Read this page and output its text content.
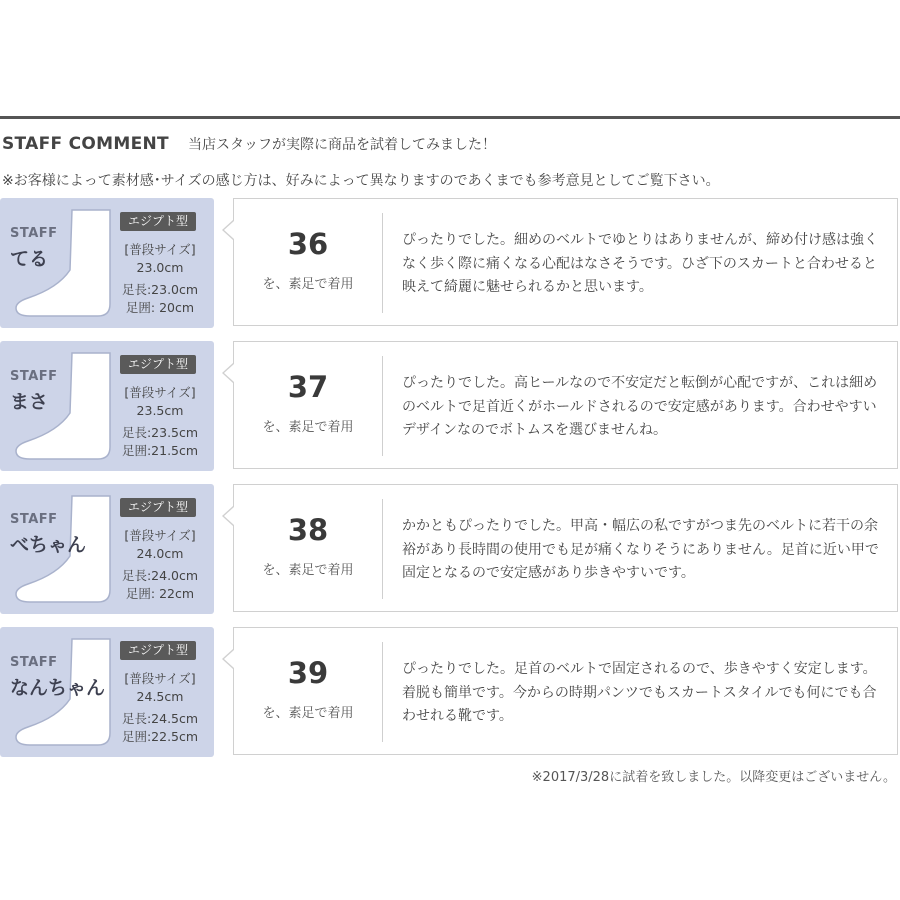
STAFF COMMENT 当店スタッフが実際に商品を試着してみました！
※お客様によって素材感･サイズの感じ方は、好みによって異なりますのであくまでも参考意見としてご覧下さい。
STAFF
てる
エジプト型
[普段サイズ]
23.0cm
足長:23.0cm
足囲: 20cm
36
を、素足で着用
ぴったりでした。細めのベルトでゆとりはありませんが、締め付け感は強くなく歩く際に痛くなる心配はなさそうです。ひざ下のスカートと合わせると映えて綺麗に魅せられるかと思います。
STAFF
まさ
エジプト型
[普段サイズ]
23.5cm
足長:23.5cm
足囲:21.5cm
37
を、素足で着用
ぴったりでした。高ヒールなので不安定だと転倒が心配ですが、これは細めのベルトで足首近くがホールドされるので安定感があります。合わせやすいデザインなのでボトムスを選びませんね。
STAFF
べちゃん
エジプト型
[普段サイズ]
24.0cm
足長:24.0cm
足囲: 22cm
38
を、素足で着用
かかともぴったりでした。甲高・幅広の私ですがつま先のベルトに若干の余裕があり長時間の使用でも足が痛くなりそうにありません。足首に近い甲で固定となるので安定感があり歩きやすいです。
STAFF
なんちゃん
エジプト型
[普段サイズ]
24.5cm
足長:24.5cm
足囲:22.5cm
39
を、素足で着用
ぴったりでした。足首のベルトで固定されるので、歩きやすく安定します。着脱も簡単です。今からの時期パンツでもスカートスタイルでも何にでも合わせれる靴です。
※2017/3/28に試着を致しました。以降変更はございません。
